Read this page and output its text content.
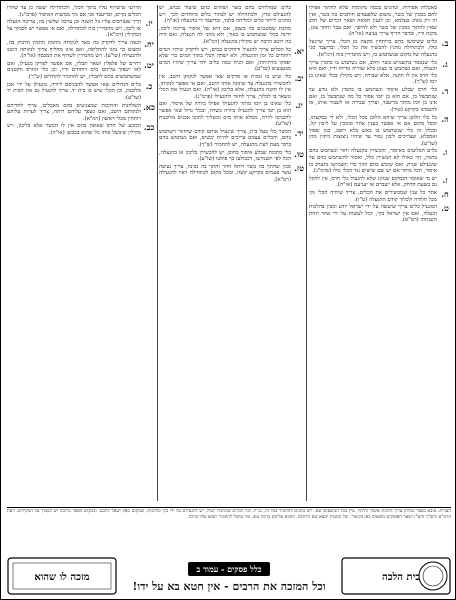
מאכלות אסורות, ונוהגים בכמה מקומות שלא לחתוך אפילו לחם בסכין של בשר, משום שלפעמים חותכים בה בשר, ואין זה רק מנהג בעלמא, וכן לענין חמאה ושאר דברים של חלב שאין לחתוך בסכין של בשר ולא להיפך. ואם עבר וחתך צונן, מקנח ודיו, ובדבר חריף צריך נעיצה (או"ה).
ב.
כלים ששימשו בהם ברותחין מקצת מן הכלי, צריך שייגעל כולו, ולכתחילה נוהגין להכשיר את כל הכלי, ובדיעבד סגי בהגעלה של מקום שנשתמש בו, ויש מחמירין בזה (רמ"א).
ג.
כלי שנאסר בתשמיש בשר וחלב, אם נשתמש בו בחמין צריך הגעלה, ואם נשתמש בו בצונן בלא שהייה מדיחו ודיו, ואם הוא כלי חרס אין לו תקנה, אלא שבירה, ויש מקילין בכלי שאינו בן יומו (ש"ך).
ד.
כלי חרס שבלע איסור ונשתמש בו בחמין ולא נודע עד שנתבשל בו, אם הוא בן יומו אסור כל מה שנתבשל בו, ואם אינו בן יומו מותר בדיעבד, וצריך שבירה או לשבור אותו, או להטמינו בקרקע (טור).
ה.
כל כלי הלובן צריך שיהא הלובן בכל הכלי, ולא די במקצתו, ומכל מקום אם אי אפשר בענין אחר סומכין על ליבון קל, ובכלל זה כלי שנשתמש בו באש בלא רוטב, כגון שפוד ואסכלא, שצריכים ליבון גמור עד שיהיו ניצוצות ניתזין מהן (שו"ע).
ו.
כלים הבלועים מאיסור, והכשירן בהגעלה וחזר ונשתמש בהם בחמין, הוי כאילו לא הכשירן כלל, ואסור להשתמש בהם עד שיגעילם שנית, ואם שימש בהם ותוך כדי תשמישו נתערב בו איסור, הכל מותר אם יש שם שישים נגד הכלי כולו (פרמ"ג).
ז.
יש מי שאומר דבמקום שנהגו שלא להגעיל כלי חרס, אין להקל גם בשעת הדחק, אלא ישברם או יצניעם (או"ה).
ח.
אחר כל ענין שמכשירים את הכלים, צריך שיהיה הכלי נקי מכל חלודה ולכלוך קודם ההגעלה (ט"ז).
ט.
המגעיל כלים צריך שיעשה על ידי ישראל יודע ומבין בהלכות הגעלה, ואם אין ישראל בקי, יכול לעשות על ידי אחר תחת השגחתו (רמ"א).
כלים שמולחים בהם בשר ושוהים בהם שיעור כבוש, יש להגעילם כדין, ולכתחילה יש לבחור כלים מיוחדים לכך, ויש נוהגים לייחד כלים למליחה בלבד, ובדיעבד די בהגעלה (או"ה).
מחבת שמטגנים בה בשמן, אם היא של איסור צריכה ליבון, ודינה ככלי שנשתמש בו באור, ולא מהני לה הגעלה, ואם היה בה רוטב הרבה יש מקילין בהגעלה (רמ"א).
יא.
כל הכלים צריך להגעיל ודוחקים במים, ויש לדקדק שיהיו המים רותחים כל זמן ההגעלה, ולא ישהה הכלי בתוך המים כדי שלא יפסקו מרתיחתן, ואם הניח כמה כלים יחד צריך שיהיו המים מבעבעים (שו"ע).
יב.
כלי שיש בו גומות או סדקים שאי אפשר לנקותן היטב, אין להכשירו בהגעלה עד שינקה אותו היטב, ואם אי אפשר לנקותו, אין לו תקנה בהגעלה, אלא בליבון (או"ה). ואם הגעיל את הכלי ונשאר בו לכלוך, צריך לחזור ולהגעילו (פרמ"ג).
יג.
כלי שאינו בן יומו מותר להגעילו אפילו ביורה של איסור, ואם הוא בן יומו צריך להגעילו ביורה כשרה, ובכלי גדול שאי אפשר להכניסו ליורה, ממלא אותו מים ומשליך לתוכו אבנים מלובנות (שו"ע).
יד.
הכשר כלי בעל בית, צריך שיגעיל אותם קודם שיחזור וישתמש בהם, והכלים עצמם צריכים להיות יבשים, ואם נשתמש בהם בתוך מעת לעת מהגעלה, יש להחמיר (ש"ך).
טו.
כלי מתכות שבלע איסור בחום, יש להכשירן בליבון או בהגעלה, הכל לפי תשמישו, דכבולעו כך פולטו (שו"ע).
טז.
סכין שחתך בה בשר רותח וחזר וחתך בה גבינה, צריך נעיצה עשר פעמים בקרקע קשה, ומכל מקום לכתחילה ראוי להגעילה (רמ"א).
הדרעי שישרוף עליו בתוך הכלי, ולכתחילה יעשה כן עד שיהיו הכלים נקיים, ובדיעבד סגי אם נקי ממשות האיסור (פרמ"ג).
יז.
הרך שעורפים עליו כל השנה וכן ערבה שלשין בה, צריכה הגעלה או ליבון, ויש מחמירין בזה לכתחילה, ואם אי אפשר יש לסמוך על המקילין (רמ"א).
יח.
הגפה צריך לדקדק בה מאד לנקותה מחמת החמץ הדבוק בה, ומשום כך נהגו להחליפה, ואם אינו מחליף צריך לנקותה היטב ולהגעילה (שו"ע). ויש מחמירין לשרוף את המכסה (או"ה).
יט.
רחיים של פלפלין ושאר תבלין, אם אפשר לפרקן מגעילן, ואם לאו ישפוך עליהם מים רותחים ודיו, וכן כלי החרס הקטנים שמשתמשים בהם לתבלין, יש להחמיר להחליפן (ש"ך).
כ.
כלים הגדולים שאי אפשר להכניסם ליורה, מגעילן על ידי אבן מלובנת, וכן הכלי שיש בו בית יד, צריך להגעיל גם את הבית יד (שו"ע).
כא.
השלחנות והתיבות שמצניעים בהם מאכלים, צריך להדיחם ולנקותם היטב, ואם נשפך עליהם רותח, צריך לערות עליהם רותחין מכלי ראשון (רמ"א).
כב.
הכובע של חרס שאופין בהם אין לו הכשר אלא בליבון, ויש מקילין שיבשל אותו כל שהוא בכבשן (או"ה).
הערות: מובא בספר שולחן ערוך הלכות איסור והיתר, עיין בכל הנושאים שם. ויש נוהגים להחמיר בכל זה, כנ"ל. וכל הכלים שהוזכרו לעיל, יש להגעילם על ידי בקי בהלכות, ובמקום ספק ישאל לחכם. ובמקום הפסד מרובה יש לסמוך על המקילים. דעת הרמ"א והש"ך והט"ז ושאר הפוסקים מובאים כאן בקיצור, וכל המעיין ימצא שם הרחבה. ותבוא עליהם ברכת טוב. ומי שיכול להחמיר תבוא עליו ברכה.
בית הלכה
כלל פסקים - עמוד ב
וכל המזכה את הרבים - אין חטא בא על ידו!
מזכה לו שהוא
